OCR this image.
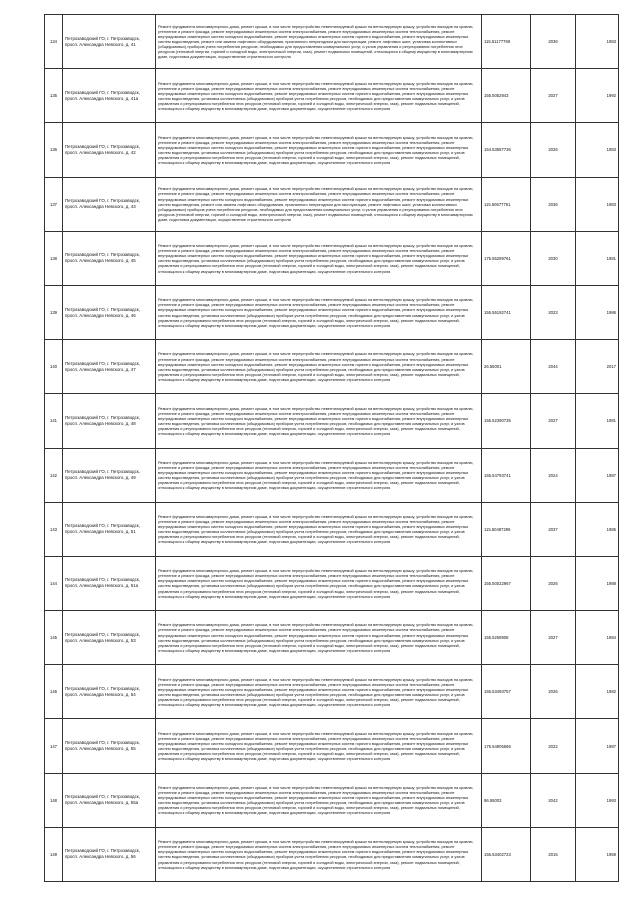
134	Петрозаводский ГО, г. Петрозаводск, просп. Александра Невского, д. 41	Ремонт фундамента многоквартирного дома, ремонт крыши, в том числе переустройство невентилируемой крыши на вентилируемую крышу, устройство выходов на кровлю, утепление и ремонт фасада, ремонт внутридомовых инженерных систем электроснабжения, ремонт внутридомовых инженерных систем теплоснабжения, ремонт внутридомовых инженерных систем холодного водоснабжения, ремонт внутридомовых инженерных систем горячего водоснабжения, ремонт внутридомовых инженерных систем водоотведения, ремонт или замена лифтового оборудования, признанного непригодным для эксплуатации, ремонт лифтовых шахт, установка коллективных (общедомовых) приборов учета потребления ресурсов, необходимых для предоставления коммунальных услуг, и узлов управления и регулирования потребления этих ресурсов (тепловой энергии, горячей и холодной воды, электрической энергии, газа), ремонт подвальных помещений, относящихся к общему имуществу в многоквартирном доме, подготовка документации, осуществление строительного контроля	115.51177769	2036	1983
135	Петрозаводский ГО, г. Петрозаводск, просп. Александра Невского, д. 41а	Ремонт фундамента многоквартирного дома, ремонт крыши, в том числе переустройство невентилируемой крыши на вентилируемую крышу, устройство выходов на кровлю, утепление и ремонт фасада, ремонт внутридомовых инженерных систем электроснабжения, ремонт внутридомовых инженерных систем теплоснабжения, ремонт внутридомовых инженерных систем холодного водоснабжения, ремонт внутридомовых инженерных систем горячего водоснабжения, ремонт внутридомовых инженерных систем водоотведения, установка коллективных (общедомовых) приборов учета потребления ресурсов, необходимых для предоставления коммунальных услуг, и узлов управления и регулирования потребления этих ресурсов (тепловой энергии, горячей и холодной воды, электрической энергии, газа), ремонт подвальных помещений, относящихся к общему имуществу в многоквартирном доме, подготовка документации, осуществление строительного контроля	155.5052943	2027	1992
136	Петрозаводский ГО, г. Петрозаводск, просп. Александра Невского, д. 42	Ремонт фундамента многоквартирного дома, ремонт крыши, в том числе переустройство невентилируемой крыши на вентилируемую крышу, устройство выходов на кровлю, утепление и ремонт фасада, ремонт внутридомовых инженерных систем электроснабжения, ремонт внутридомовых инженерных систем теплоснабжения, ремонт внутридомовых инженерных систем холодного водоснабжения, ремонт внутридомовых инженерных систем горячего водоснабжения, ремонт внутридомовых инженерных систем водоотведения, установка коллективных (общедомовых) приборов учета потребления ресурсов, необходимых для предоставления коммунальных услуг, и узлов управления и регулирования потребления этих ресурсов (тепловой энергии, горячей и холодной воды, электрической энергии, газа), ремонт подвальных помещений, относящихся к общему имуществу в многоквартирном доме, подготовка документации, осуществление строительного контроля	154.53587736	2026	1983
137	Петрозаводский ГО, г. Петрозаводск, просп. Александра Невского, д. 43	Ремонт фундамента многоквартирного дома, ремонт крыши, в том числе переустройство невентилируемой крыши на вентилируемую крышу, устройство выходов на кровлю, утепление и ремонт фасада, ремонт внутридомовых инженерных систем электроснабжения, ремонт внутридомовых инженерных систем теплоснабжения, ремонт внутридомовых инженерных систем холодного водоснабжения, ремонт внутридомовых инженерных систем горячего водоснабжения, ремонт внутридомовых инженерных систем водоотведения, ремонт или замена лифтового оборудования, признанного непригодным для эксплуатации, ремонт лифтовых шахт, установка коллективных (общедомовых) приборов учета потребления ресурсов, необходимых для предоставления коммунальных услуг, и узлов управления и регулирования потребления этих ресурсов (тепловой энергии, горячей и холодной воды, электрической энергии, газа), ремонт подвальных помещений, относящихся к общему имуществу в многоквартирном доме, подготовка документации, осуществление строительного контроля	115.50677761	2036	1983
138	Петрозаводский ГО, г. Петрозаводск, просп. Александра Невского, д. 45	Ремонт фундамента многоквартирного дома, ремонт крыши, в том числе переустройство невентилируемой крыши на вентилируемую крышу, устройство выходов на кровлю, утепление и ремонт фасада, ремонт внутридомовых инженерных систем электроснабжения, ремонт внутридомовых инженерных систем теплоснабжения, ремонт внутридомовых инженерных систем холодного водоснабжения, ремонт внутридомовых инженерных систем горячего водоснабжения, ремонт внутридомовых инженерных систем водоотведения, установка коллективных (общедомовых) приборов учета потребления ресурсов, необходимых для предоставления коммунальных услуг, и узлов управления и регулирования потребления этих ресурсов (тепловой энергии, горячей и холодной воды, электрической энергии, газа), ремонт подвальных помещений, относящихся к общему имуществу в многоквартирном доме, подготовка документации, осуществление строительного контроля	175.55289761	2030	1981
139	Петрозаводский ГО, г. Петрозаводск, просп. Александра Невского, д. 46	Ремонт фундамента многоквартирного дома, ремонт крыши, в том числе переустройство невентилируемой крыши на вентилируемую крышу, устройство выходов на кровлю, утепление и ремонт фасада, ремонт внутридомовых инженерных систем электроснабжения, ремонт внутридомовых инженерных систем теплоснабжения, ремонт внутридомовых инженерных систем холодного водоснабжения, ремонт внутридомовых инженерных систем горячего водоснабжения, ремонт внутридомовых инженерных систем водоотведения, установка коллективных (общедомовых) приборов учета потребления ресурсов, необходимых для предоставления коммунальных услуг, и узлов управления и регулирования потребления этих ресурсов (тепловой энергии, горячей и холодной воды, электрической энергии, газа), ремонт подвальных помещений, относящихся к общему имуществу в многоквартирном доме, подготовка документации, осуществление строительного контроля	155.55192741	2023	1986
140	Петрозаводский ГО, г. Петрозаводск, просп. Александра Невского, д. 47	Ремонт фундамента многоквартирного дома, ремонт крыши, в том числе переустройство невентилируемой крыши на вентилируемую крышу, устройство выходов на кровлю, утепление и ремонт фасада, ремонт внутридомовых инженерных систем электроснабжения, ремонт внутридомовых инженерных систем теплоснабжения, ремонт внутридомовых инженерных систем холодного водоснабжения, ремонт внутридомовых инженерных систем горячего водоснабжения, ремонт внутридомовых инженерных систем водоотведения, установка коллективных (общедомовых) приборов учета потребления ресурсов, необходимых для предоставления коммунальных услуг, и узлов управления и регулирования потребления этих ресурсов (тепловой энергии, горячей и холодной воды, электрической энергии, газа), ремонт подвальных помещений, относящихся к общему имуществу в многоквартирном доме, подготовка документации, осуществление строительного контроля	26.55001	2044	2017
141	Петрозаводский ГО, г. Петрозаводск, просп. Александра Невского, д. 48	Ремонт фундамента многоквартирного дома, ремонт крыши, в том числе переустройство невентилируемой крыши на вентилируемую крышу, устройство выходов на кровлю, утепление и ремонт фасада, ремонт внутридомовых инженерных систем электроснабжения, ремонт внутридомовых инженерных систем теплоснабжения, ремонт внутридомовых инженерных систем холодного водоснабжения, ремонт внутридомовых инженерных систем горячего водоснабжения, ремонт внутридомовых инженерных систем водоотведения, установка коллективных (общедомовых) приборов учета потребления ресурсов, необходимых для предоставления коммунальных услуг, и узлов управления и регулирования потребления этих ресурсов (тепловой энергии, горячей и холодной воды, электрической энергии, газа), ремонт подвальных помещений, относящихся к общему имуществу в многоквартирном доме, подготовка документации, осуществление строительного контроля	155.52390735	2027	1981
142	Петрозаводский ГО, г. Петрозаводск, просп. Александра Невского, д. 49	Ремонт фундамента многоквартирного дома, ремонт крыши, в том числе переустройство невентилируемой крыши на вентилируемую крышу, устройство выходов на кровлю, утепление и ремонт фасада, ремонт внутридомовых инженерных систем электроснабжения, ремонт внутридомовых инженерных систем теплоснабжения, ремонт внутридомовых инженерных систем холодного водоснабжения, ремонт внутридомовых инженерных систем горячего водоснабжения, ремонт внутридомовых инженерных систем водоотведения, установка коллективных (общедомовых) приборов учета потребления ресурсов, необходимых для предоставления коммунальных услуг, и узлов управления и регулирования потребления этих ресурсов (тепловой энергии, горячей и холодной воды, электрической энергии, газа), ремонт подвальных помещений, относящихся к общему имуществу в многоквартирном доме, подготовка документации, осуществление строительного контроля	155.54793741	2024	1987
143	Петрозаводский ГО, г. Петрозаводск, просп. Александра Невского, д. 51	Ремонт фундамента многоквартирного дома, ремонт крыши, в том числе переустройство невентилируемой крыши на вентилируемую крышу, устройство выходов на кровлю, утепление и ремонт фасада, ремонт внутридомовых инженерных систем электроснабжения, ремонт внутридомовых инженерных систем теплоснабжения, ремонт внутридомовых инженерных систем холодного водоснабжения, ремонт внутридомовых инженерных систем горячего водоснабжения, ремонт внутридомовых инженерных систем водоотведения, установка коллективных (общедомовых) приборов учета потребления ресурсов, необходимых для предоставления коммунальных услуг, и узлов управления и регулирования потребления этих ресурсов (тепловой энергии, горячей и холодной воды, электрической энергии, газа), ремонт подвальных помещений, относящихся к общему имуществу в многоквартирном доме, подготовка документации, осуществление строительного контроля	115.50487296	2037	1985
144	Петрозаводский ГО, г. Петрозаводск, просп. Александра Невского, д. 51а	Ремонт фундамента многоквартирного дома, ремонт крыши, в том числе переустройство невентилируемой крыши на вентилируемую крышу, устройство выходов на кровлю, утепление и ремонт фасада, ремонт внутридомовых инженерных систем электроснабжения, ремонт внутридомовых инженерных систем теплоснабжения, ремонт внутридомовых инженерных систем холодного водоснабжения, ремонт внутридомовых инженерных систем горячего водоснабжения, ремонт внутридомовых инженерных систем водоотведения, установка коллективных (общедомовых) приборов учета потребления ресурсов, необходимых для предоставления коммунальных услуг, и узлов управления и регулирования потребления этих ресурсов (тепловой энергии, горячей и холодной воды, электрической энергии, газа), ремонт подвальных помещений, относящихся к общему имуществу в многоквартирном доме, подготовка документации, осуществление строительного контроля	155.50022967	2026	1988
145	Петрозаводский ГО, г. Петрозаводск, просп. Александра Невского, д. 53	Ремонт фундамента многоквартирного дома, ремонт крыши, в том числе переустройство невентилируемой крыши на вентилируемую крышу, устройство выходов на кровлю, утепление и ремонт фасада, ремонт внутридомовых инженерных систем электроснабжения, ремонт внутридомовых инженерных систем теплоснабжения, ремонт внутридомовых инженерных систем холодного водоснабжения, ремонт внутридомовых инженерных систем горячего водоснабжения, ремонт внутридомовых инженерных систем водоотведения, установка коллективных (общедомовых) приборов учета потребления ресурсов, необходимых для предоставления коммунальных услуг, и узлов управления и регулирования потребления этих ресурсов (тепловой энергии, горячей и холодной воды, электрической энергии, газа), ремонт подвальных помещений, относящихся к общему имуществу в многоквартирном доме, подготовка документации, осуществление строительного контроля	155.5258908	2027	1984
146	Петрозаводский ГО, г. Петрозаводск, просп. Александра Невского, д. 54	Ремонт фундамента многоквартирного дома, ремонт крыши, в том числе переустройство невентилируемой крыши на вентилируемую крышу, устройство выходов на кровлю, утепление и ремонт фасада, ремонт внутридомовых инженерных систем электроснабжения, ремонт внутридомовых инженерных систем теплоснабжения, ремонт внутридомовых инженерных систем холодного водоснабжения, ремонт внутридомовых инженерных систем горячего водоснабжения, ремонт внутридомовых инженерных систем водоотведения, установка коллективных (общедомовых) приборов учета потребления ресурсов, необходимых для предоставления коммунальных услуг, и узлов управления и регулирования потребления этих ресурсов (тепловой энергии, горячей и холодной воды, электрической энергии, газа), ремонт подвальных помещений, относящихся к общему имуществу в многоквартирном доме, подготовка документации, осуществление строительного контроля	155.53493757	2026	1982
147	Петрозаводский ГО, г. Петрозаводск, просп. Александра Невского, д. 55	Ремонт фундамента многоквартирного дома, ремонт крыши, в том числе переустройство невентилируемой крыши на вентилируемую крышу, устройство выходов на кровлю, утепление и ремонт фасада, ремонт внутридомовых инженерных систем электроснабжения, ремонт внутридомовых инженерных систем теплоснабжения, ремонт внутридомовых инженерных систем холодного водоснабжения, ремонт внутридомовых инженерных систем горячего водоснабжения, ремонт внутридомовых инженерных систем водоотведения, установка коллективных (общедомовых) приборов учета потребления ресурсов, необходимых для предоставления коммунальных услуг, и узлов управления и регулирования потребления этих ресурсов (тепловой энергии, горячей и холодной воды, электрической энергии, газа), ремонт подвальных помещений, относящихся к общему имуществу в многоквартирном доме, подготовка документации, осуществление строительного контроля	175.54905566	2022	1987
148	Петрозаводский ГО, г. Петрозаводск, просп. Александра Невского, д. 55а	Ремонт фундамента многоквартирного дома, ремонт крыши, в том числе переустройство невентилируемой крыши на вентилируемую крышу, устройство выходов на кровлю, утепление и ремонт фасада, ремонт внутридомовых инженерных систем электроснабжения, ремонт внутридомовых инженерных систем теплоснабжения, ремонт внутридомовых инженерных систем холодного водоснабжения, ремонт внутридомовых инженерных систем горячего водоснабжения, ремонт внутридомовых инженерных систем водоотведения, установка коллективных (общедомовых) приборов учета потребления ресурсов, необходимых для предоставления коммунальных услуг, и узлов управления и регулирования потребления этих ресурсов (тепловой энергии, горячей и холодной воды, электрической энергии, газа), ремонт подвальных помещений, относящихся к общему имуществу в многоквартирном доме, подготовка документации, осуществление строительного контроля	96.55003	2042	1993
149	Петрозаводский ГО, г. Петрозаводск, просп. Александра Невского, д. 56	Ремонт фундамента многоквартирного дома, ремонт крыши, в том числе переустройство невентилируемой крыши на вентилируемую крышу, устройство выходов на кровлю, утепление и ремонт фасада, ремонт внутридомовых инженерных систем электроснабжения, ремонт внутридомовых инженерных систем теплоснабжения, ремонт внутридомовых инженерных систем холодного водоснабжения, ремонт внутридомовых инженерных систем горячего водоснабжения, ремонт внутридомовых инженерных систем водоотведения, установка коллективных (общедомовых) приборов учета потребления ресурсов, необходимых для предоставления коммунальных услуг, и узлов управления и регулирования потребления этих ресурсов (тепловой энергии, горячей и холодной воды, электрической энергии, газа), ремонт подвальных помещений, относящихся к общему имуществу в многоквартирном доме, подготовка документации, осуществление строительного контроля	155.53402723	2015	1959
